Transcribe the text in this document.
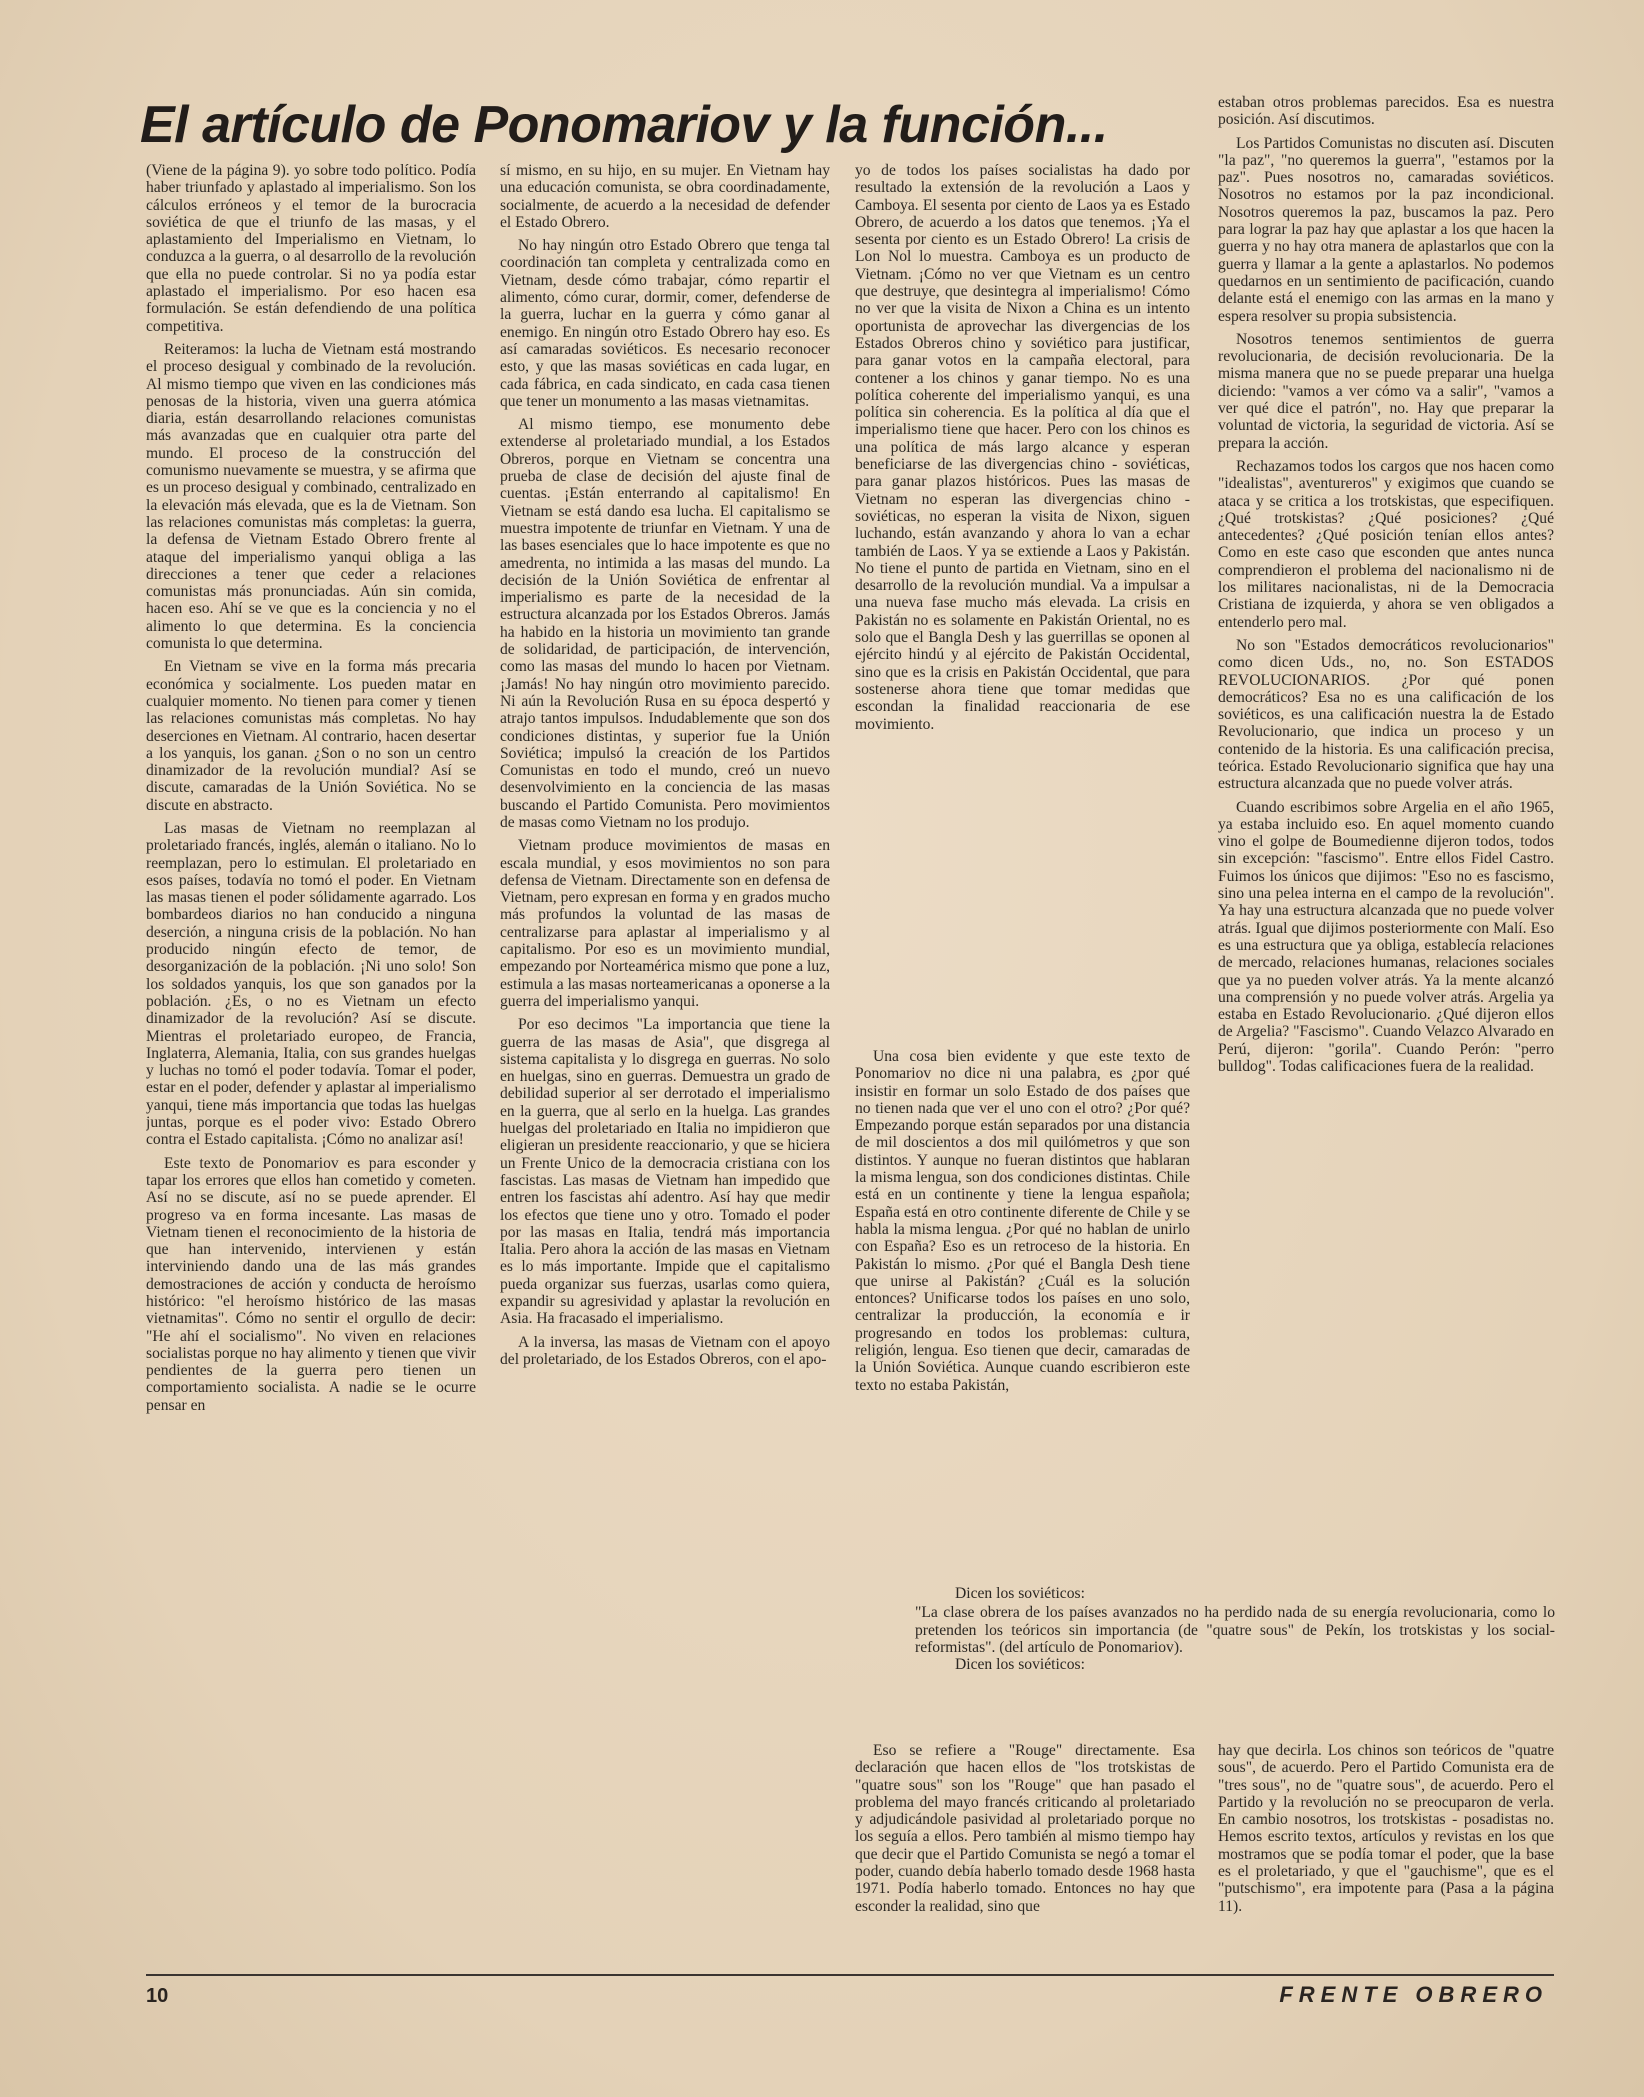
El artículo de Ponomariov y la función...

(Viene de la página 9). yo sobre todo político. Podía haber triunfado y aplastado al imperialismo. Son los cálculos erróneos y el temor de la burocracia soviética de que el triunfo de las masas, y el aplastamiento del Imperialismo en Vietnam, lo conduzca a la guerra, o al desarrollo de la revolución que ella no puede controlar. Si no ya podía estar aplastado el imperialismo. Por eso hacen esa formulación. Se están defendiendo de una política competitiva.

Reiteramos: la lucha de Vietnam está mostrando el proceso desigual y combinado de la revolución. Al mismo tiempo que viven en las condiciones más penosas de la historia, viven una guerra atómica diaria, están desarrollando relaciones comunistas más avanzadas que en cualquier otra parte del mundo. El proceso de la construcción del comunismo nuevamente se muestra, y se afirma que es un proceso desigual y combinado, centralizado en la elevación más elevada, que es la de Vietnam. Son las relaciones comunistas más completas: la guerra, la defensa de Vietnam Estado Obrero frente al ataque del imperialismo yanqui obliga a las direcciones a tener que ceder a relaciones comunistas más pronunciadas. Aún sin comida, hacen eso. Ahí se ve que es la conciencia y no el alimento lo que determina. Es la conciencia comunista lo que determina.

En Vietnam se vive en la forma más precaria económica y socialmente. Los pueden matar en cualquier momento. No tienen para comer y tienen las relaciones comunistas más completas. No hay deserciones en Vietnam. Al contrario, hacen desertar a los yanquis, los ganan. ¿Son o no son un centro dinamizador de la revolución mundial? Así se discute, camaradas de la Unión Soviética. No se discute en abstracto.

Las masas de Vietnam no reemplazan al proletariado francés, inglés, alemán o italiano. No lo reemplazan, pero lo estimulan. El proletariado en esos países, todavía no tomó el poder. En Vietnam las masas tienen el poder sólidamente agarrado. Los bombardeos diarios no han conducido a ninguna deserción, a ninguna crisis de la población. No han producido ningún efecto de temor, de desorganización de la población. ¡Ni uno solo! Son los soldados yanquis, los que son ganados por la población. ¿Es, o no es Vietnam un efecto dinamizador de la revolución? Así se discute. Mientras el proletariado europeo, de Francia, Inglaterra, Alemania, Italia, con sus grandes huelgas y luchas no tomó el poder todavía. Tomar el poder, estar en el poder, defender y aplastar al imperialismo yanqui, tiene más importancia que todas las huelgas juntas, porque es el poder vivo: Estado Obrero contra el Estado capitalista. ¡Cómo no analizar así!

Este texto de Ponomariov es para esconder y tapar los errores que ellos han cometido y cometen. Así no se discute, así no se puede aprender. El progreso va en forma incesante. Las masas de Vietnam tienen el reconocimiento de la historia de que han intervenido, intervienen y están interviniendo dando una de las más grandes demostraciones de acción y conducta de heroísmo histórico: "el heroísmo histórico de las masas vietnamitas". Cómo no sentir el orgullo de decir: "He ahí el socialismo". No viven en relaciones socialistas porque no hay alimento y tienen que vivir pendientes de la guerra pero tienen un comportamiento socialista. A nadie se le ocurre pensar en

sí mismo, en su hijo, en su mujer. En Vietnam hay una educación comunista, se obra coordinadamente, socialmente, de acuerdo a la necesidad de defender el Estado Obrero.

No hay ningún otro Estado Obrero que tenga tal coordinación tan completa y centralizada como en Vietnam, desde cómo trabajar, cómo repartir el alimento, cómo curar, dormir, comer, defenderse de la guerra, luchar en la guerra y cómo ganar al enemigo. En ningún otro Estado Obrero hay eso. Es así camaradas soviéticos. Es necesario reconocer esto, y que las masas soviéticas en cada lugar, en cada fábrica, en cada sindicato, en cada casa tienen que tener un monumento a las masas vietnamitas.

Al mismo tiempo, ese monumento debe extenderse al proletariado mundial, a los Estados Obreros, porque en Vietnam se concentra una prueba de clase de decisión del ajuste final de cuentas. ¡Están enterrando al capitalismo! En Vietnam se está dando esa lucha. El capitalismo se muestra impotente de triunfar en Vietnam. Y una de las bases esenciales que lo hace impotente es que no amedrenta, no intimida a las masas del mundo. La decisión de la Unión Soviética de enfrentar al imperialismo es parte de la necesidad de la estructura alcanzada por los Estados Obreros. Jamás ha habido en la historia un movimiento tan grande de solidaridad, de participación, de intervención, como las masas del mundo lo hacen por Vietnam. ¡Jamás! No hay ningún otro movimiento parecido. Ni aún la Revolución Rusa en su época despertó y atrajo tantos impulsos. Indudablemente que son dos condiciones distintas, y superior fue la Unión Soviética; impulsó la creación de los Partidos Comunistas en todo el mundo, creó un nuevo desenvolvimiento en la conciencia de las masas buscando el Partido Comunista. Pero movimientos de masas como Vietnam no los produjo.

Vietnam produce movimientos de masas en escala mundial, y esos movimientos no son para defensa de Vietnam. Directamente son en defensa de Vietnam, pero expresan en forma y en grados mucho más profundos la voluntad de las masas de centralizarse para aplastar al imperialismo y al capitalismo. Por eso es un movimiento mundial, empezando por Norteamérica mismo que pone a luz, estimula a las masas norteamericanas a oponerse a la guerra del imperialismo yanqui.

Por eso decimos "La importancia que tiene la guerra de las masas de Asia", que disgrega al sistema capitalista y lo disgrega en guerras. No solo en huelgas, sino en guerras. Demuestra un grado de debilidad superior al ser derrotado el imperialismo en la guerra, que al serlo en la huelga. Las grandes huelgas del proletariado en Italia no impidieron que eligieran un presidente reaccionario, y que se hiciera un Frente Unico de la democracia cristiana con los fascistas. Las masas de Vietnam han impedido que entren los fascistas ahí adentro. Así hay que medir los efectos que tiene uno y otro. Tomado el poder por las masas en Italia, tendrá más importancia Italia. Pero ahora la acción de las masas en Vietnam es lo más importante. Impide que el capitalismo pueda organizar sus fuerzas, usarlas como quiera, expandir su agresividad y aplastar la revolución en Asia. Ha fracasado el imperialismo.

A la inversa, las masas de Vietnam con el apoyo del proletariado, de los Estados Obreros, con el apo-

yo de todos los países socialistas ha dado por resultado la extensión de la revolución a Laos y Camboya. El sesenta por ciento de Laos ya es Estado Obrero, de acuerdo a los datos que tenemos. ¡Ya el sesenta por ciento es un Estado Obrero! La crisis de Lon Nol lo muestra. Camboya es un producto de Vietnam. ¡Cómo no ver que Vietnam es un centro que destruye, que desintegra al imperialismo! Cómo no ver que la visita de Nixon a China es un intento oportunista de aprovechar las divergencias de los Estados Obreros chino y soviético para justificar, para ganar votos en la campaña electoral, para contener a los chinos y ganar tiempo. No es una política coherente del imperialismo yanqui, es una política sin coherencia. Es la política al día que el imperialismo tiene que hacer. Pero con los chinos es una política de más largo alcance y esperan beneficiarse de las divergencias chino - soviéticas, para ganar plazos históricos. Pues las masas de Vietnam no esperan las divergencias chino - soviéticas, no esperan la visita de Nixon, siguen luchando, están avanzando y ahora lo van a echar también de Laos. Y ya se extiende a Laos y Pakistán. No tiene el punto de partida en Vietnam, sino en el desarrollo de la revolución mundial. Va a impulsar a una nueva fase mucho más elevada. La crisis en Pakistán no es solamente en Pakistán Oriental, no es solo que el Bangla Desh y las guerrillas se oponen al ejército hindú y al ejército de Pakistán Occidental, sino que es la crisis en Pakistán Occidental, que para sostenerse ahora tiene que tomar medidas que escondan la finalidad reaccionaria de ese movimiento.

Una cosa bien evidente y que este texto de Ponomariov no dice ni una palabra, es ¿por qué insistir en formar un solo Estado de dos países que no tienen nada que ver el uno con el otro? ¿Por qué? Empezando porque están separados por una distancia de mil doscientos a dos mil quilómetros y que son distintos. Y aunque no fueran distintos que hablaran la misma lengua, son dos condiciones distintas. Chile está en un continente y tiene la lengua española; España está en otro continente diferente de Chile y se habla la misma lengua. ¿Por qué no hablan de unirlo con España? Eso es un retroceso de la historia. En Pakistán lo mismo. ¿Por qué el Bangla Desh tiene que unirse al Pakistán? ¿Cuál es la solución entonces? Unificarse todos los países en uno solo, centralizar la producción, la economía e ir progresando en todos los problemas: cultura, religión, lengua. Eso tienen que decir, camaradas de la Unión Soviética. Aunque cuando escribieron este texto no estaba Pakistán,

estaban otros problemas parecidos. Esa es nuestra posición. Así discutimos.

Los Partidos Comunistas no discuten así. Discuten "la paz", "no queremos la guerra", "estamos por la paz". Pues nosotros no, camaradas soviéticos. Nosotros no estamos por la paz incondicional. Nosotros queremos la paz, buscamos la paz. Pero para lograr la paz hay que aplastar a los que hacen la guerra y no hay otra manera de aplastarlos que con la guerra y llamar a la gente a aplastarlos. No podemos quedarnos en un sentimiento de pacificación, cuando delante está el enemigo con las armas en la mano y espera resolver su propia subsistencia.

Nosotros tenemos sentimientos de guerra revolucionaria, de decisión revolucionaria. De la misma manera que no se puede preparar una huelga diciendo: "vamos a ver cómo va a salir", "vamos a ver qué dice el patrón", no. Hay que preparar la voluntad de victoria, la seguridad de victoria. Así se prepara la acción.

Rechazamos todos los cargos que nos hacen como "idealistas", aventureros" y exigimos que cuando se ataca y se critica a los trotskistas, que especifiquen. ¿Qué trotskistas? ¿Qué posiciones? ¿Qué antecedentes? ¿Qué posición tenían ellos antes? Como en este caso que esconden que antes nunca comprendieron el problema del nacionalismo ni de los militares nacionalistas, ni de la Democracia Cristiana de izquierda, y ahora se ven obligados a entenderlo pero mal.

No son "Estados democráticos revolucionarios" como dicen Uds., no, no. Son ESTADOS REVOLUCIONARIOS. ¿Por qué ponen democráticos? Esa no es una calificación de los soviéticos, es una calificación nuestra la de Estado Revolucionario, que indica un proceso y un contenido de la historia. Es una calificación precisa, teórica. Estado Revolucionario significa que hay una estructura alcanzada que no puede volver atrás.

Cuando escribimos sobre Argelia en el año 1965, ya estaba incluido eso. En aquel momento cuando vino el golpe de Boumedienne dijeron todos, todos sin excepción: "fascismo". Entre ellos Fidel Castro. Fuimos los únicos que dijimos: "Eso no es fascismo, sino una pelea interna en el campo de la revolución". Ya hay una estructura alcanzada que no puede volver atrás. Igual que dijimos posteriormente con Malí. Eso es una estructura que ya obliga, establecía relaciones de mercado, relaciones humanas, relaciones sociales que ya no pueden volver atrás. Ya la mente alcanzó una comprensión y no puede volver atrás. Argelia ya estaba en Estado Revolucionario. ¿Qué dijeron ellos de Argelia? "Fascismo". Cuando Velazco Alvarado en Perú, dijeron: "gorila". Cuando Perón: "perro bulldog". Todas calificaciones fuera de la realidad.

Dicen los soviéticos:
"La clase obrera de los países avanzados no ha perdido nada de su energía revolucionaria, como lo pretenden los teóricos sin importancia (de "quatre sous" de Pekín, los trotskistas y los social-reformistas". (del artículo de Ponomariov).
Dicen los soviéticos:

Eso se refiere a "Rouge" directamente. Esa declaración que hacen ellos de "los trotskistas de "quatre sous" son los "Rouge" que han pasado el problema del mayo francés criticando al proletariado y adjudicándole pasividad al proletariado porque no los seguía a ellos. Pero también al mismo tiempo hay que decir que el Partido Comunista se negó a tomar el poder, cuando debía haberlo tomado desde 1968 hasta 1971. Podía haberlo tomado. Entonces no hay que esconder la realidad, sino que

hay que decirla. Los chinos son teóricos de "quatre sous", de acuerdo. Pero el Partido Comunista era de "tres sous", no de "quatre sous", de acuerdo. Pero el Partido y la revolución no se preocuparon de verla. En cambio nosotros, los trotskistas - posadistas no. Hemos escrito textos, artículos y revistas en los que mostramos que se podía tomar el poder, que la base es el proletariado, y que el "gauchisme", que es el "putschismo", era impotente para (Pasa a la página 11).

10	FRENTE OBRERO
